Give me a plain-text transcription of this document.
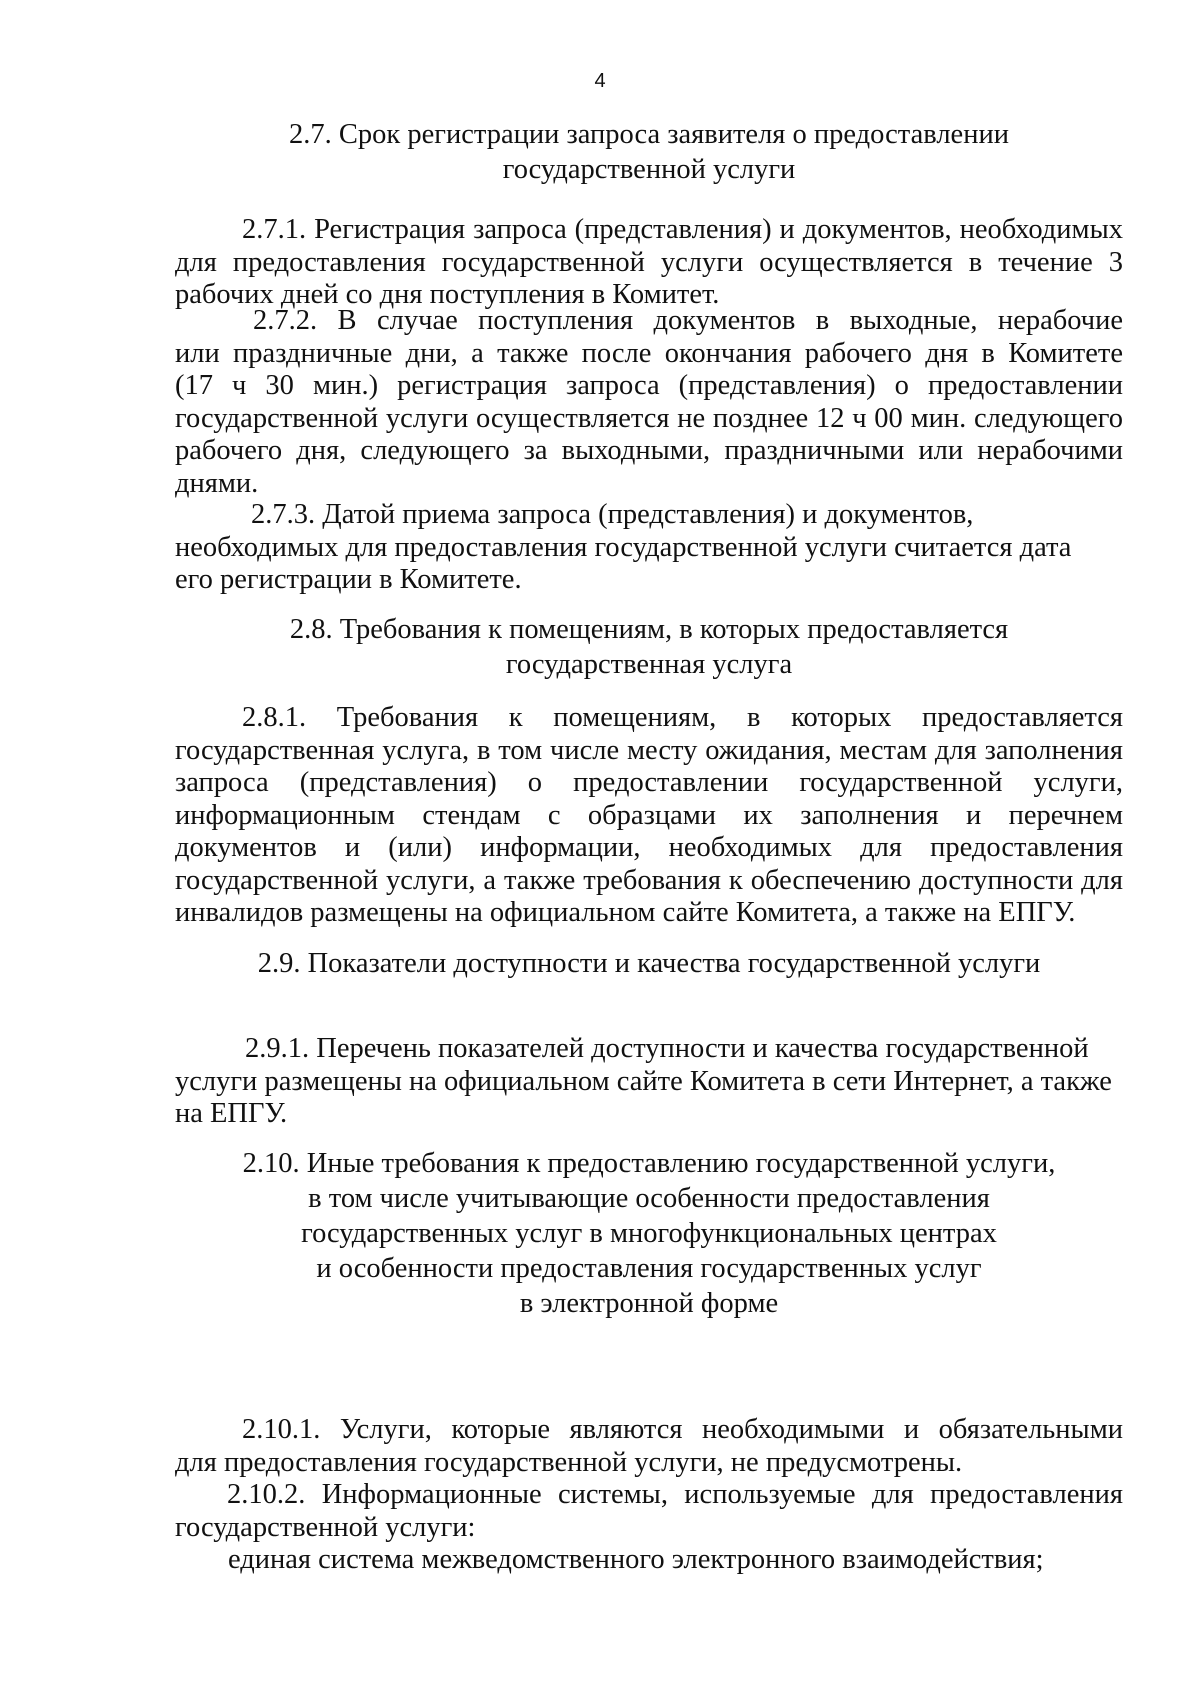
4
2.7. Срок регистрации запроса заявителя о предоставлении
государственной услуги
2.7.1. Регистрация запроса (представления) и документов, необходимых
для предоставления государственной услуги осуществляется в течение 3
рабочих дней со дня поступления в Комитет.
2.7.2. В случае поступления документов в выходные, нерабочие
или праздничные дни, а также после окончания рабочего дня в Комитете
(17 ч 30 мин.) регистрация запроса (представления) о предоставлении
государственной услуги осуществляется не позднее 12 ч 00 мин. следующего
рабочего дня, следующего за выходными, праздничными или нерабочими
днями.
2.7.3. Датой приема запроса (представления) и документов,
необходимых для предоставления государственной услуги считается дата
его регистрации в Комитете.
2.8. Требования к помещениям, в которых предоставляется
государственная услуга
2.8.1. Требования к помещениям, в которых предоставляется
государственная услуга, в том числе месту ожидания, местам для заполнения
запроса (представления) о предоставлении государственной услуги,
информационным стендам с образцами их заполнения и перечнем
документов и (или) информации, необходимых для предоставления
государственной услуги, а также требования к обеспечению доступности для
инвалидов размещены на официальном сайте Комитета, а также на ЕПГУ.
2.9. Показатели доступности и качества государственной услуги
2.9.1. Перечень показателей доступности и качества государственной
услуги размещены на официальном сайте Комитета в сети Интернет, а также
на ЕПГУ.
2.10. Иные требования к предоставлению государственной услуги,
в том числе учитывающие особенности предоставления
государственных услуг в многофункциональных центрах
и особенности предоставления государственных услуг
в электронной форме
2.10.1. Услуги, которые являются необходимыми и обязательными
для предоставления государственной услуги, не предусмотрены.
2.10.2. Информационные системы, используемые для предоставления
государственной услуги:
единая система межведомственного электронного взаимодействия;
